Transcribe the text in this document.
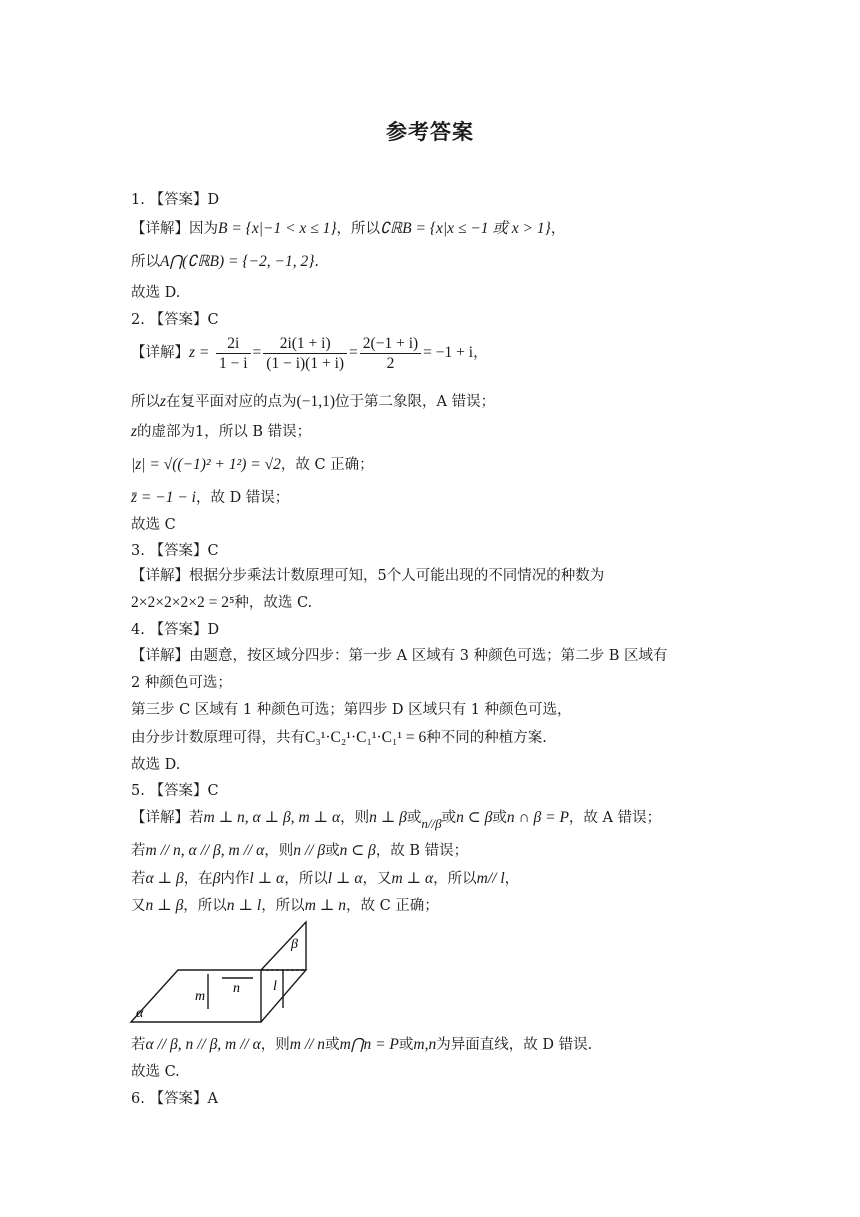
参考答案
1. 【答案】D
【详解】因为B = {x|−1 < x ≤ 1}，所以∁ℝB = {x|x ≤ −1 或 x > 1}，
所以A⋂(∁ℝB) = {−2, −1, 2}.
故选 D.
2. 【答案】C
【详解】$z = \frac{2i}{1 - i} = \frac{2i(1 + i)}{(1 - i)(1 + i)} = \frac{2(-1 + i)}{2} = -1 + i$，
所以z在复平面对应的点为(−1,1)位于第二象限，A 错误；
z的虚部为1，所以 B 错误；
|z| = √((−1)² + 1²) = √2，故 C 正确；
z̄ = −1 − i，故 D 错误；
故选 C
3. 【答案】C
【详解】根据分步乘法计数原理可知，5个人可能出现的不同情况的种数为
2×2×2×2×2 = 2⁵种，故选 C.
4. 【答案】D
【详解】由题意，按区域分四步：第一步 A 区域有 3 种颜色可选；第二步 B 区域有
2 种颜色可选；
第三步 C 区域有 1 种颜色可选；第四步 D 区域只有 1 种颜色可选，
由分步计数原理可得，共有C₃¹·C₂¹·C₁¹·C₁¹ = 6种不同的种植方案.
故选 D.
5. 【答案】C
【详解】若m ⊥ n, α ⊥ β, m ⊥ α，则n ⊥ β或n//β或n ⊂ β或n ∩ β = P，故 A 错误；
若m // n, α // β, m // α，则n // β或n ⊂ β，故 B 错误；
若α ⊥ β，在β内作l ⊥ α，所以l ⊥ α，又m ⊥ α，所以m// l，
又n ⊥ β，所以n ⊥ l，所以m ⊥ n，故 C 正确；
α
β
m
n l
若α // β, n // β, m // α，则m // n或m⋂n = P或m,n为异面直线，故 D 错误.
故选 C.
6. 【答案】A
